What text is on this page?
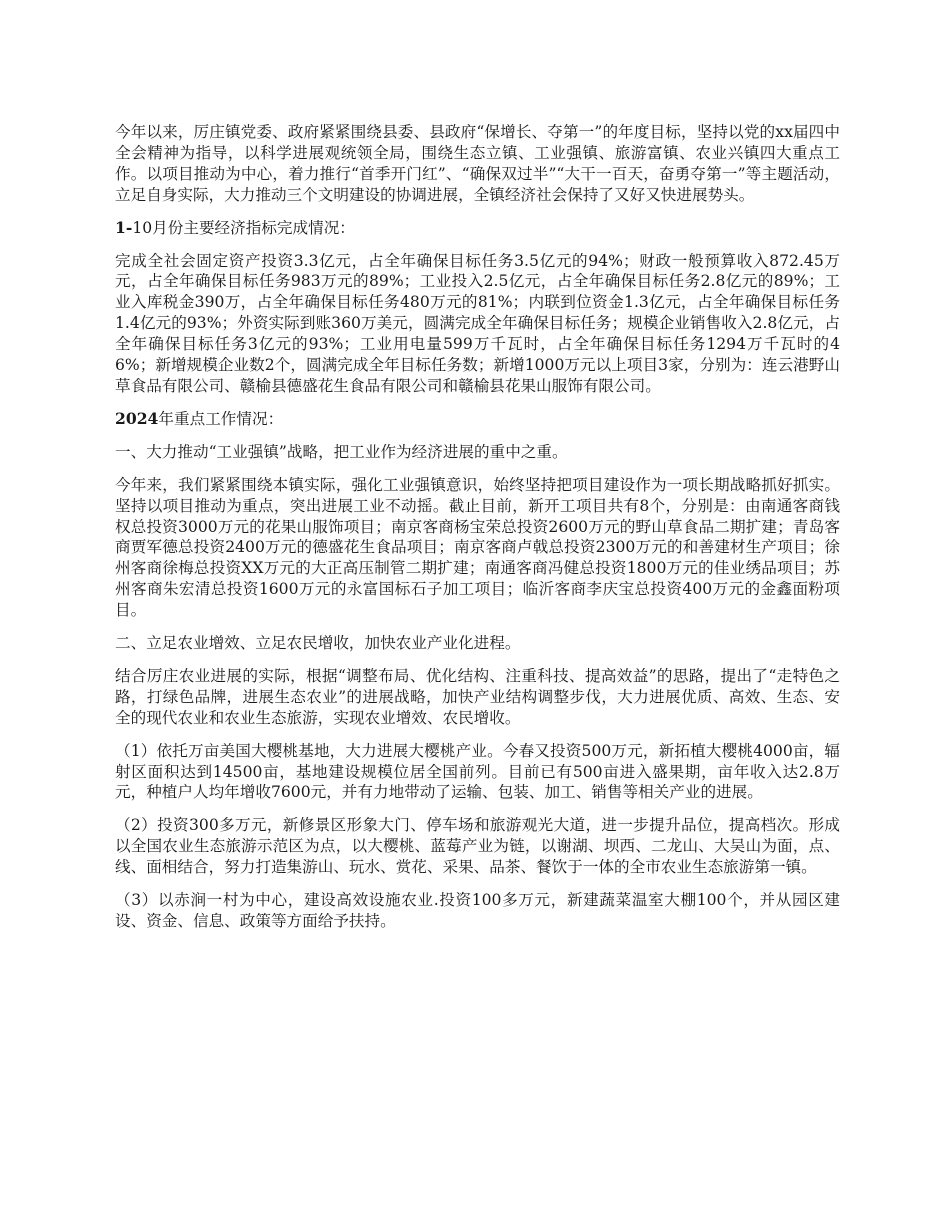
今年以来，厉庄镇党委、政府紧紧围绕县委、县政府“保增长、夺第一”的年度目标，坚持以党的xx届四中全会精神为指导，以科学进展观统领全局，围绕生态立镇、工业强镇、旅游富镇、农业兴镇四大重点工作。以项目推动为中心，着力推行“首季开门红”、“确保双过半”“大干一百天，奋勇夺第一”等主题活动，立足自身实际，大力推动三个文明建设的协调进展，全镇经济社会保持了又好又快进展势头。

1-10月份主要经济指标完成情况：

完成全社会固定资产投资3.3亿元，占全年确保目标任务3.5亿元的94%；财政一般预算收入872.45万元，占全年确保目标任务983万元的89%；工业投入2.5亿元，占全年确保目标任务2.8亿元的89%；工业入库税金390万，占全年确保目标任务480万元的81%；内联到位资金1.3亿元，占全年确保目标任务1.4亿元的93%；外资实际到账360万美元，圆满完成全年确保目标任务；规模企业销售收入2.8亿元，占全年确保目标任务3亿元的93%；工业用电量599万千瓦时，占全年确保目标任务1294万千瓦时的46%；新增规模企业数2个，圆满完成全年目标任务数；新增1000万元以上项目3家，分别为：连云港野山草食品有限公司、赣榆县德盛花生食品有限公司和赣榆县花果山服饰有限公司。

2024年重点工作情况：

一、大力推动“工业强镇”战略，把工业作为经济进展的重中之重。

今年来，我们紧紧围绕本镇实际，强化工业强镇意识，始终坚持把项目建设作为一项长期战略抓好抓实。坚持以项目推动为重点，突出进展工业不动摇。截止目前，新开工项目共有8个，分别是：由南通客商钱权总投资3000万元的花果山服饰项目；南京客商杨宝荣总投资2600万元的野山草食品二期扩建；青岛客商贾军德总投资2400万元的德盛花生食品项目；南京客商卢戟总投资2300万元的和善建材生产项目；徐州客商徐梅总投资XX万元的大正高压制管二期扩建；南通客商冯健总投资1800万元的佳业绣品项目；苏州客商朱宏清总投资1600万元的永富国标石子加工项目；临沂客商李庆宝总投资400万元的金鑫面粉项目。

二、立足农业增效、立足农民增收，加快农业产业化进程。

结合厉庄农业进展的实际，根据“调整布局、优化结构、注重科技、提高效益”的思路，提出了“走特色之路，打绿色品牌，进展生态农业”的进展战略，加快产业结构调整步伐，大力进展优质、高效、生态、安全的现代农业和农业生态旅游，实现农业增效、农民增收。

（1）依托万亩美国大樱桃基地，大力进展大樱桃产业。今春又投资500万元，新拓植大樱桃4000亩，辐射区面积达到14500亩，基地建设规模位居全国前列。目前已有500亩进入盛果期，亩年收入达2.8万元，种植户人均年增收7600元，并有力地带动了运输、包装、加工、销售等相关产业的进展。

（2）投资300多万元，新修景区形象大门、停车场和旅游观光大道，进一步提升品位，提高档次。形成以全国农业生态旅游示范区为点，以大樱桃、蓝莓产业为链，以谢湖、坝西、二龙山、大吴山为面，点、线、面相结合，努力打造集游山、玩水、赏花、采果、品茶、餐饮于一体的全市农业生态旅游第一镇。

（3）以赤涧一村为中心，建设高效设施农业.投资100多万元，新建蔬菜温室大棚100个，并从园区建设、资金、信息、政策等方面给予扶持。
